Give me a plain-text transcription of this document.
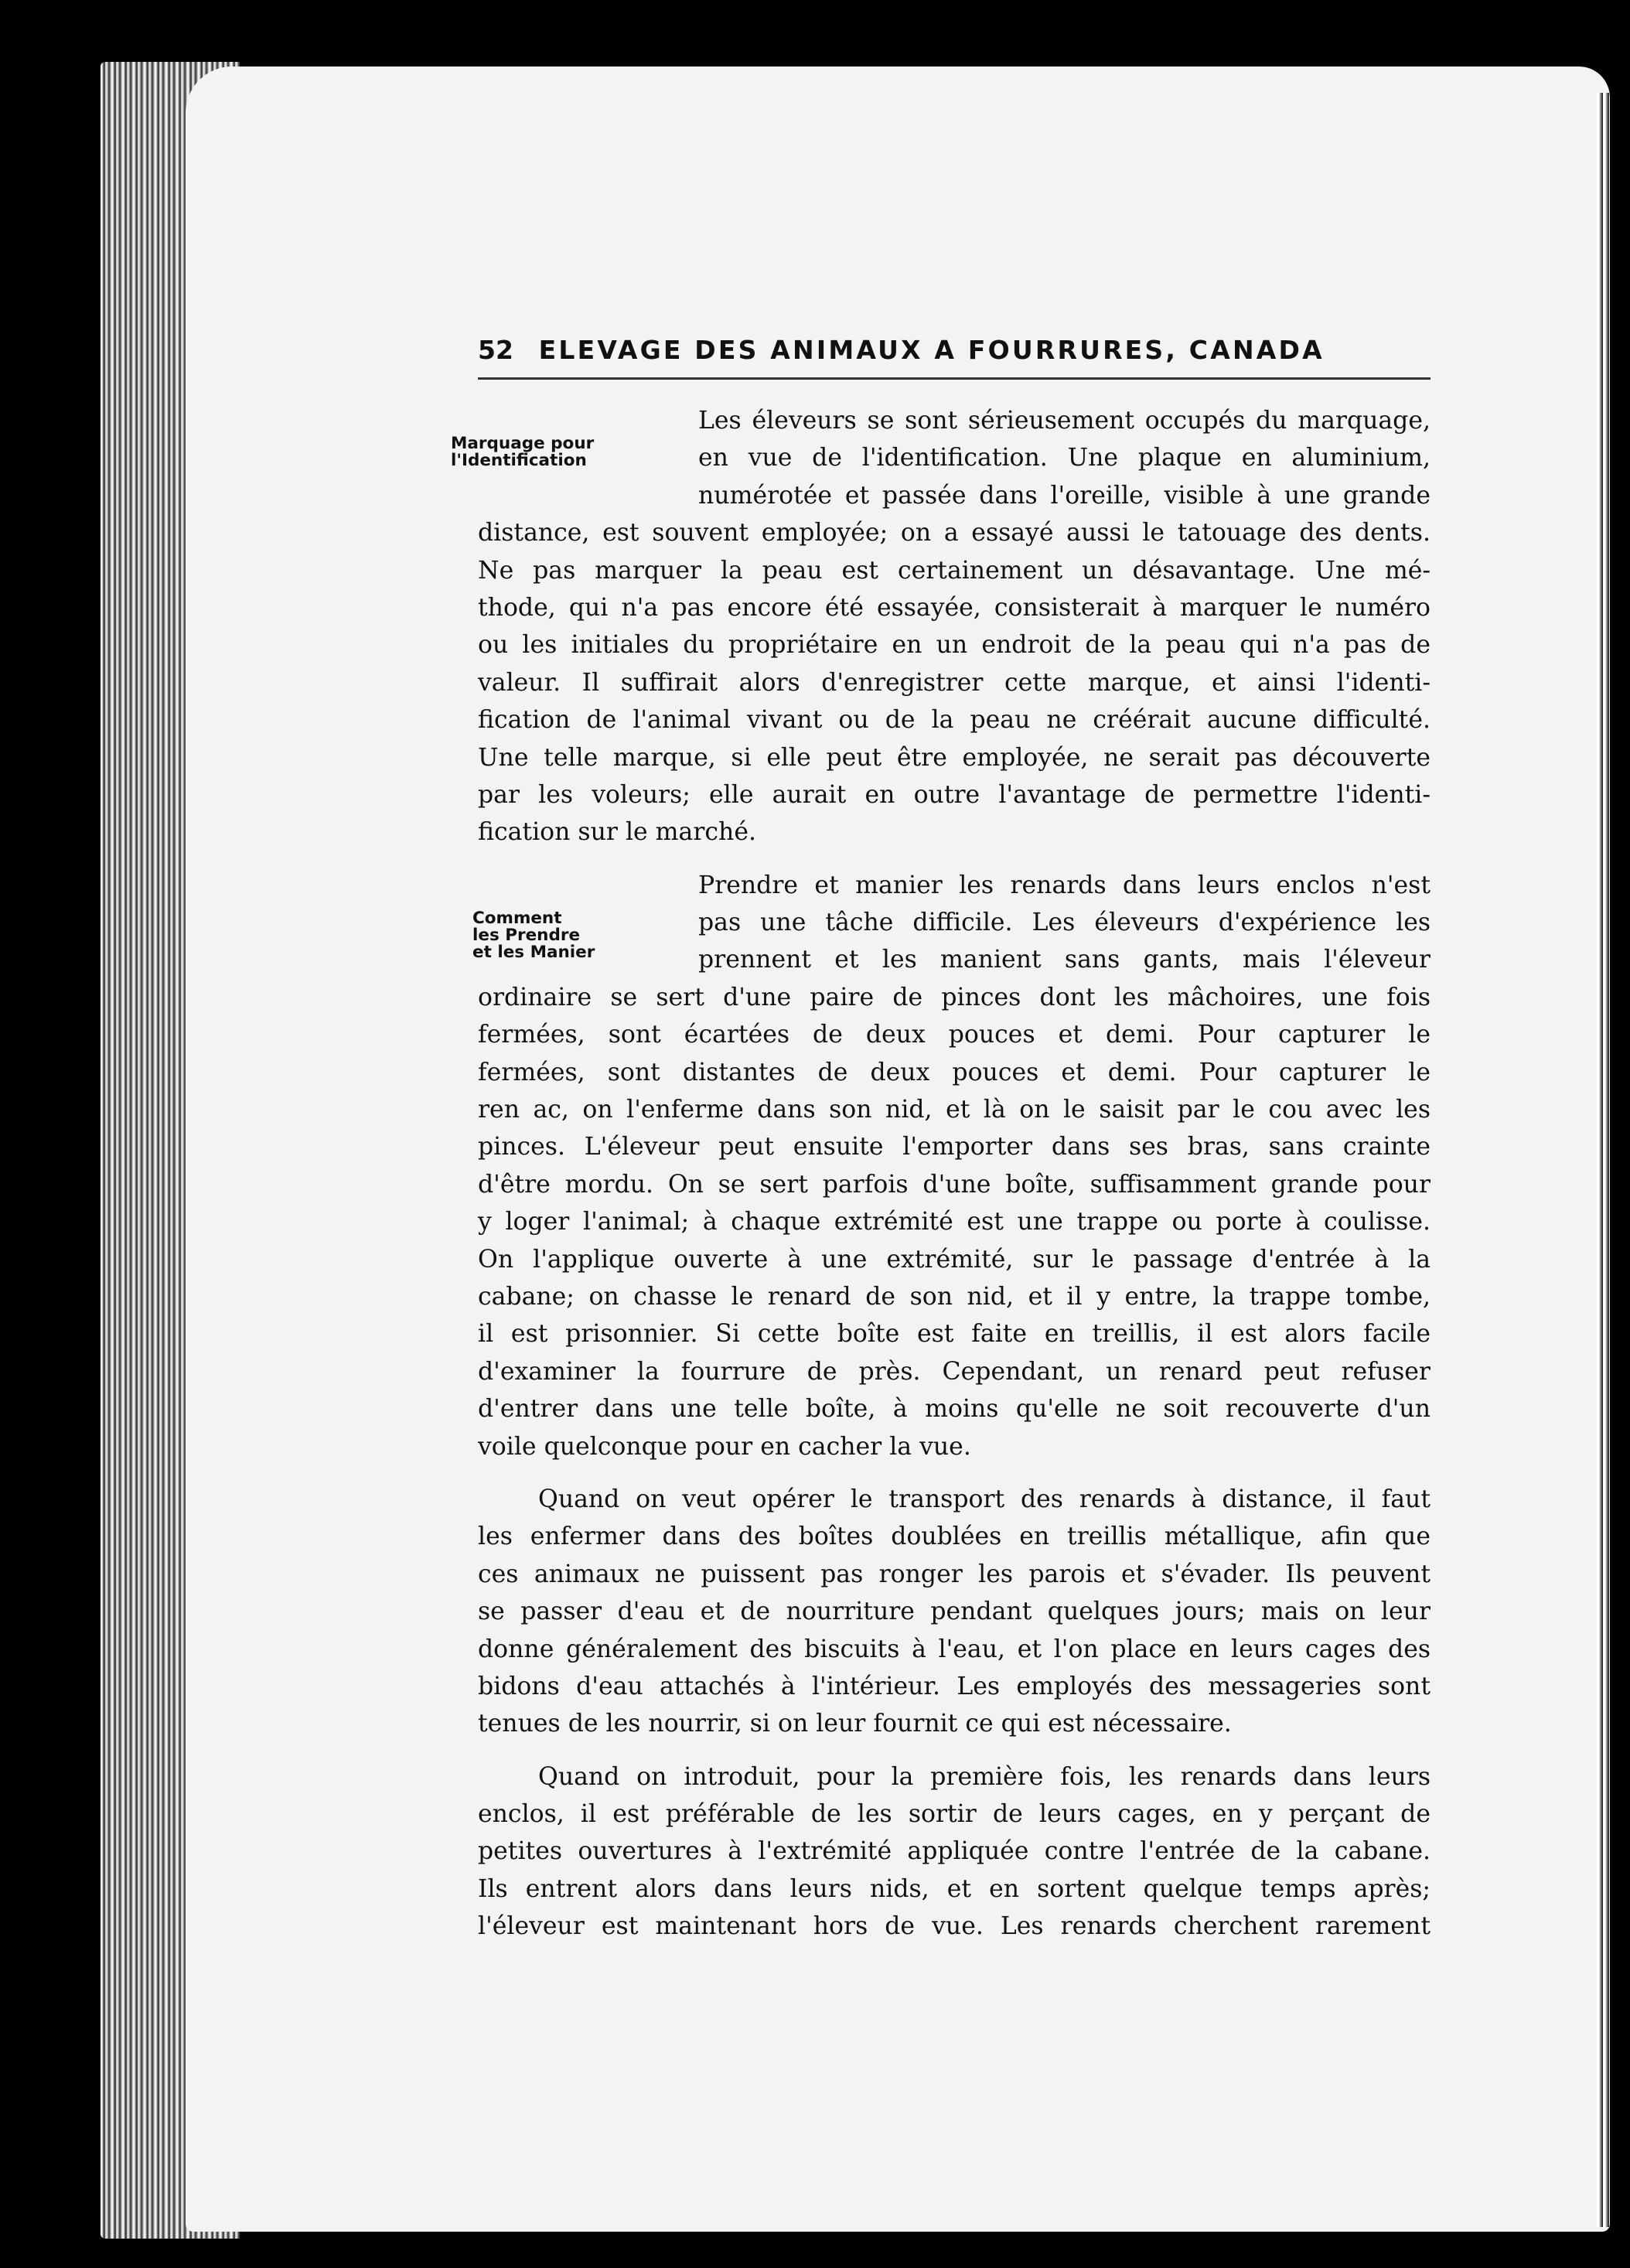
52 ELEVAGE DES ANIMAUX A FOURRURES, CANADA
Marquage pour
l'Identification
Comment
les Prendre
et les Manier
Les éleveurs se sont sérieusement occupés du marquage,
en vue de l'identification. Une plaque en aluminium,
numérotée et passée dans l'oreille, visible à une grande
distance, est souvent employée; on a essayé aussi le tatouage des dents.
Ne pas marquer la peau est certainement un désavantage. Une mé-
thode, qui n'a pas encore été essayée, consisterait à marquer le numéro
ou les initiales du propriétaire en un endroit de la peau qui n'a pas de
valeur. Il suffirait alors d'enregistrer cette marque, et ainsi l'identi-
fication de l'animal vivant ou de la peau ne créérait aucune difficulté.
Une telle marque, si elle peut être employée, ne serait pas découverte
par les voleurs; elle aurait en outre l'avantage de permettre l'identi-
fication sur le marché.
Prendre et manier les renards dans leurs enclos n'est
pas une tâche difficile. Les éleveurs d'expérience les
prennent et les manient sans gants, mais l'éleveur
ordinaire se sert d'une paire de pinces dont les mâchoires, une fois
fermées, sont écartées de deux pouces et demi. Pour capturer le
fermées, sont distantes de deux pouces et demi. Pour capturer le
ren ac, on l'enferme dans son nid, et là on le saisit par le cou avec les
pinces. L'éleveur peut ensuite l'emporter dans ses bras, sans crainte
d'être mordu. On se sert parfois d'une boîte, suffisamment grande pour
y loger l'animal; à chaque extrémité est une trappe ou porte à coulisse.
On l'applique ouverte à une extrémité, sur le passage d'entrée à la
cabane; on chasse le renard de son nid, et il y entre, la trappe tombe,
il est prisonnier. Si cette boîte est faite en treillis, il est alors facile
d'examiner la fourrure de près. Cependant, un renard peut refuser
d'entrer dans une telle boîte, à moins qu'elle ne soit recouverte d'un
voile quelconque pour en cacher la vue.
Quand on veut opérer le transport des renards à distance, il faut
les enfermer dans des boîtes doublées en treillis métallique, afin que
ces animaux ne puissent pas ronger les parois et s'évader. Ils peuvent
se passer d'eau et de nourriture pendant quelques jours; mais on leur
donne généralement des biscuits à l'eau, et l'on place en leurs cages des
bidons d'eau attachés à l'intérieur. Les employés des messageries sont
tenues de les nourrir, si on leur fournit ce qui est nécessaire.
Quand on introduit, pour la première fois, les renards dans leurs
enclos, il est préférable de les sortir de leurs cages, en y perçant de
petites ouvertures à l'extrémité appliquée contre l'entrée de la cabane.
Ils entrent alors dans leurs nids, et en sortent quelque temps après;
l'éleveur est maintenant hors de vue. Les renards cherchent rarement
